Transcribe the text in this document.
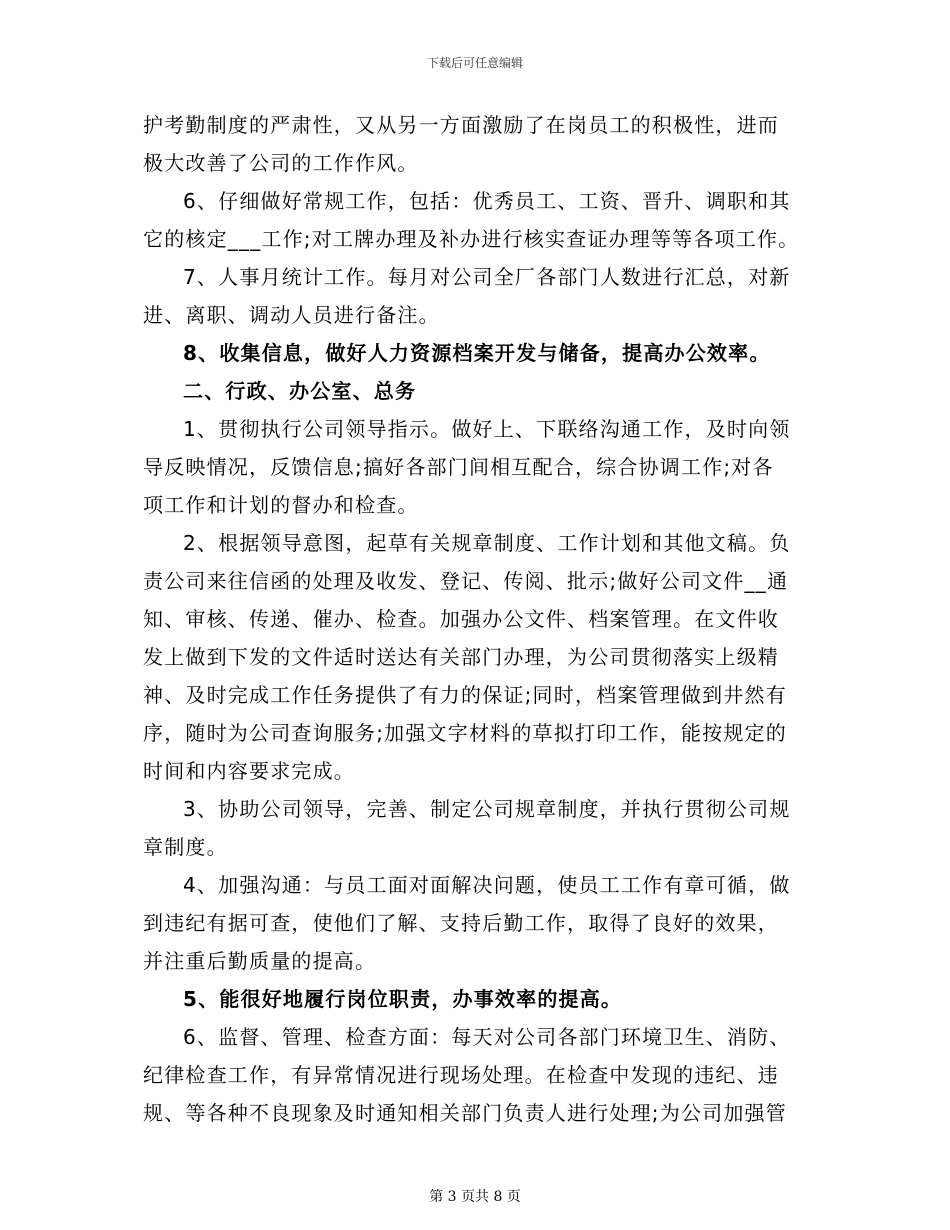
下载后可任意编辑
护考勤制度的严肃性，又从另一方面激励了在岗员工的积极性，进而
极大改善了公司的工作作风。
6、仔细做好常规工作，包括：优秀员工、工资、晋升、调职和其
它的核定___工作;对工牌办理及补办进行核实查证办理等等各项工作。
7、人事月统计工作。每月对公司全厂各部门人数进行汇总，对新
进、离职、调动人员进行备注。
8、收集信息，做好人力资源档案开发与储备，提高办公效率。
二、行政、办公室、总务
1、贯彻执行公司领导指示。做好上、下联络沟通工作，及时向领
导反映情况，反馈信息;搞好各部门间相互配合，综合协调工作;对各
项工作和计划的督办和检查。
2、根据领导意图，起草有关规章制度、工作计划和其他文稿。负
责公司来往信函的处理及收发、登记、传阅、批示;做好公司文件__通
知、审核、传递、催办、检查。加强办公文件、档案管理。在文件收
发上做到下发的文件适时送达有关部门办理，为公司贯彻落实上级精
神、及时完成工作任务提供了有力的保证;同时，档案管理做到井然有
序，随时为公司查询服务;加强文字材料的草拟打印工作，能按规定的
时间和内容要求完成。
3、协助公司领导，完善、制定公司规章制度，并执行贯彻公司规
章制度。
4、加强沟通：与员工面对面解决问题，使员工工作有章可循，做
到违纪有据可查，使他们了解、支持后勤工作，取得了良好的效果，
并注重后勤质量的提高。
5、能很好地履行岗位职责，办事效率的提高。
6、监督、管理、检查方面：每天对公司各部门环境卫生、消防、
纪律检查工作，有异常情况进行现场处理。在检查中发现的违纪、违
规、等各种不良现象及时通知相关部门负责人进行处理;为公司加强管
第 3 页共 8 页
